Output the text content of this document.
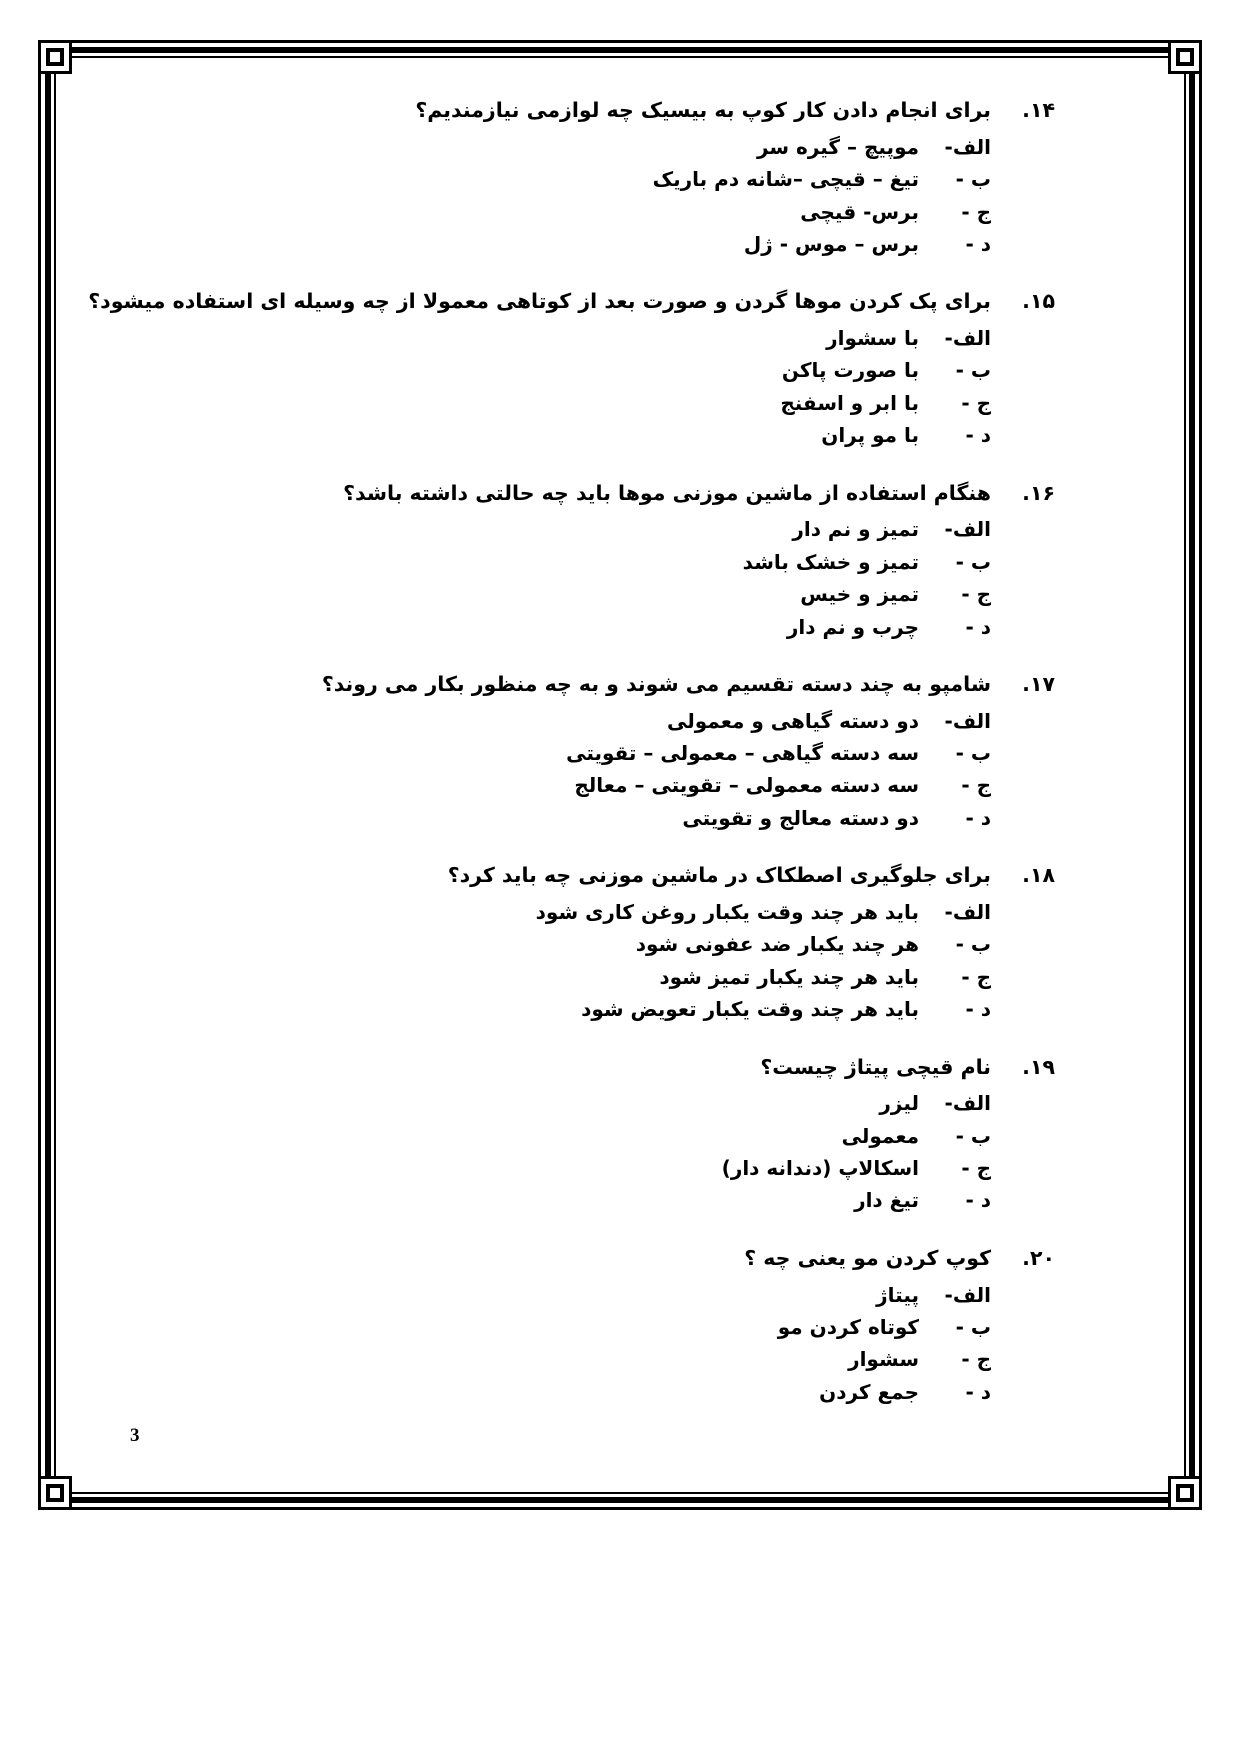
۱۴.
برای انجام دادن کار کوپ به بیسیک چه لوازمی نیازمندیم؟
الف-
موپیچ – گیره سر
ب -
تیغ – قیچی –شانه دم باریک
ج -
برس- قیچی
د -
برس – موس - ژل
۱۵.
برای پک کردن موها گردن و صورت بعد از کوتاهی معمولا از چه وسیله ای استفاده میشود؟
الف-
با سشوار
ب -
با صورت پاکن
ج -
با ابر و اسفنج
د -
با مو پران
۱۶.
هنگام استفاده از ماشین موزنی موها باید چه حالتی داشته باشد؟
الف-
تمیز و نم دار
ب -
تمیز و خشک باشد
ج -
تمیز و خیس
د -
چرب و نم دار
۱۷.
شامپو به چند دسته تقسیم می شوند و به چه منظور بکار می روند؟
الف-
دو دسته گیاهی و معمولی
ب -
سه دسته گیاهی – معمولی – تقویتی
ج -
سه دسته معمولی – تقویتی – معالج
د -
دو دسته معالج و تقویتی
۱۸.
برای جلوگیری اصطکاک در ماشین موزنی چه باید کرد؟
الف-
باید هر چند وقت یکبار روغن کاری شود
ب -
هر چند یکبار ضد عفونی شود
ج -
باید هر چند یکبار تمیز شود
د -
باید هر چند وقت یکبار تعویض شود
۱۹.
نام قیچی پیتاژ چیست؟
الف-
لیزر
ب -
معمولی
ج -
اسکالاپ (دندانه دار)
د -
تیغ دار
۲۰.
کوپ کردن مو یعنی چه ؟
الف-
پیتاژ
ب -
کوتاه کردن مو
ج -
سشوار
د -
جمع کردن
3
